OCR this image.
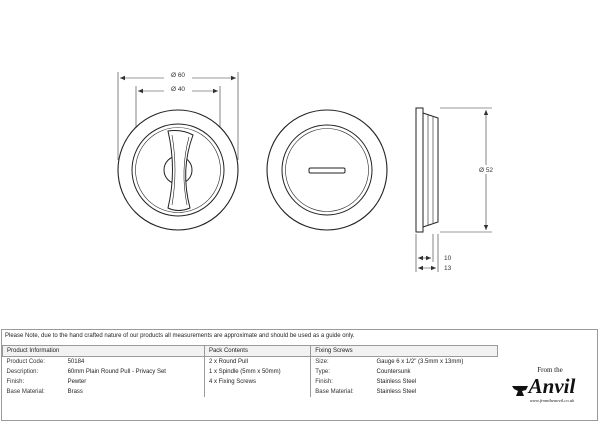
Ø 60
Ø 40
Ø 52
10
13
Please Note, due to the hand crafted nature of our products all measurements are approximate and should be used as a guide only.
Product Information		Pack Contents	Fixing Screws	
Product Code:	50184	2 x Round Pull	Size:	Gauge 6 x 1/2" (3.5mm x 13mm)
Description:	60mm Plain Round Pull - Privacy Set	1 x Spindle (5mm x 50mm)	Type:	Countersunk
Finish:	Pewter	4 x Fixing Screws	Finish:	Stainless Steel
Base Material:	Brass		Base Material:	Stainless Steel
From the
Anvil
www.fromtheanvil.co.uk
